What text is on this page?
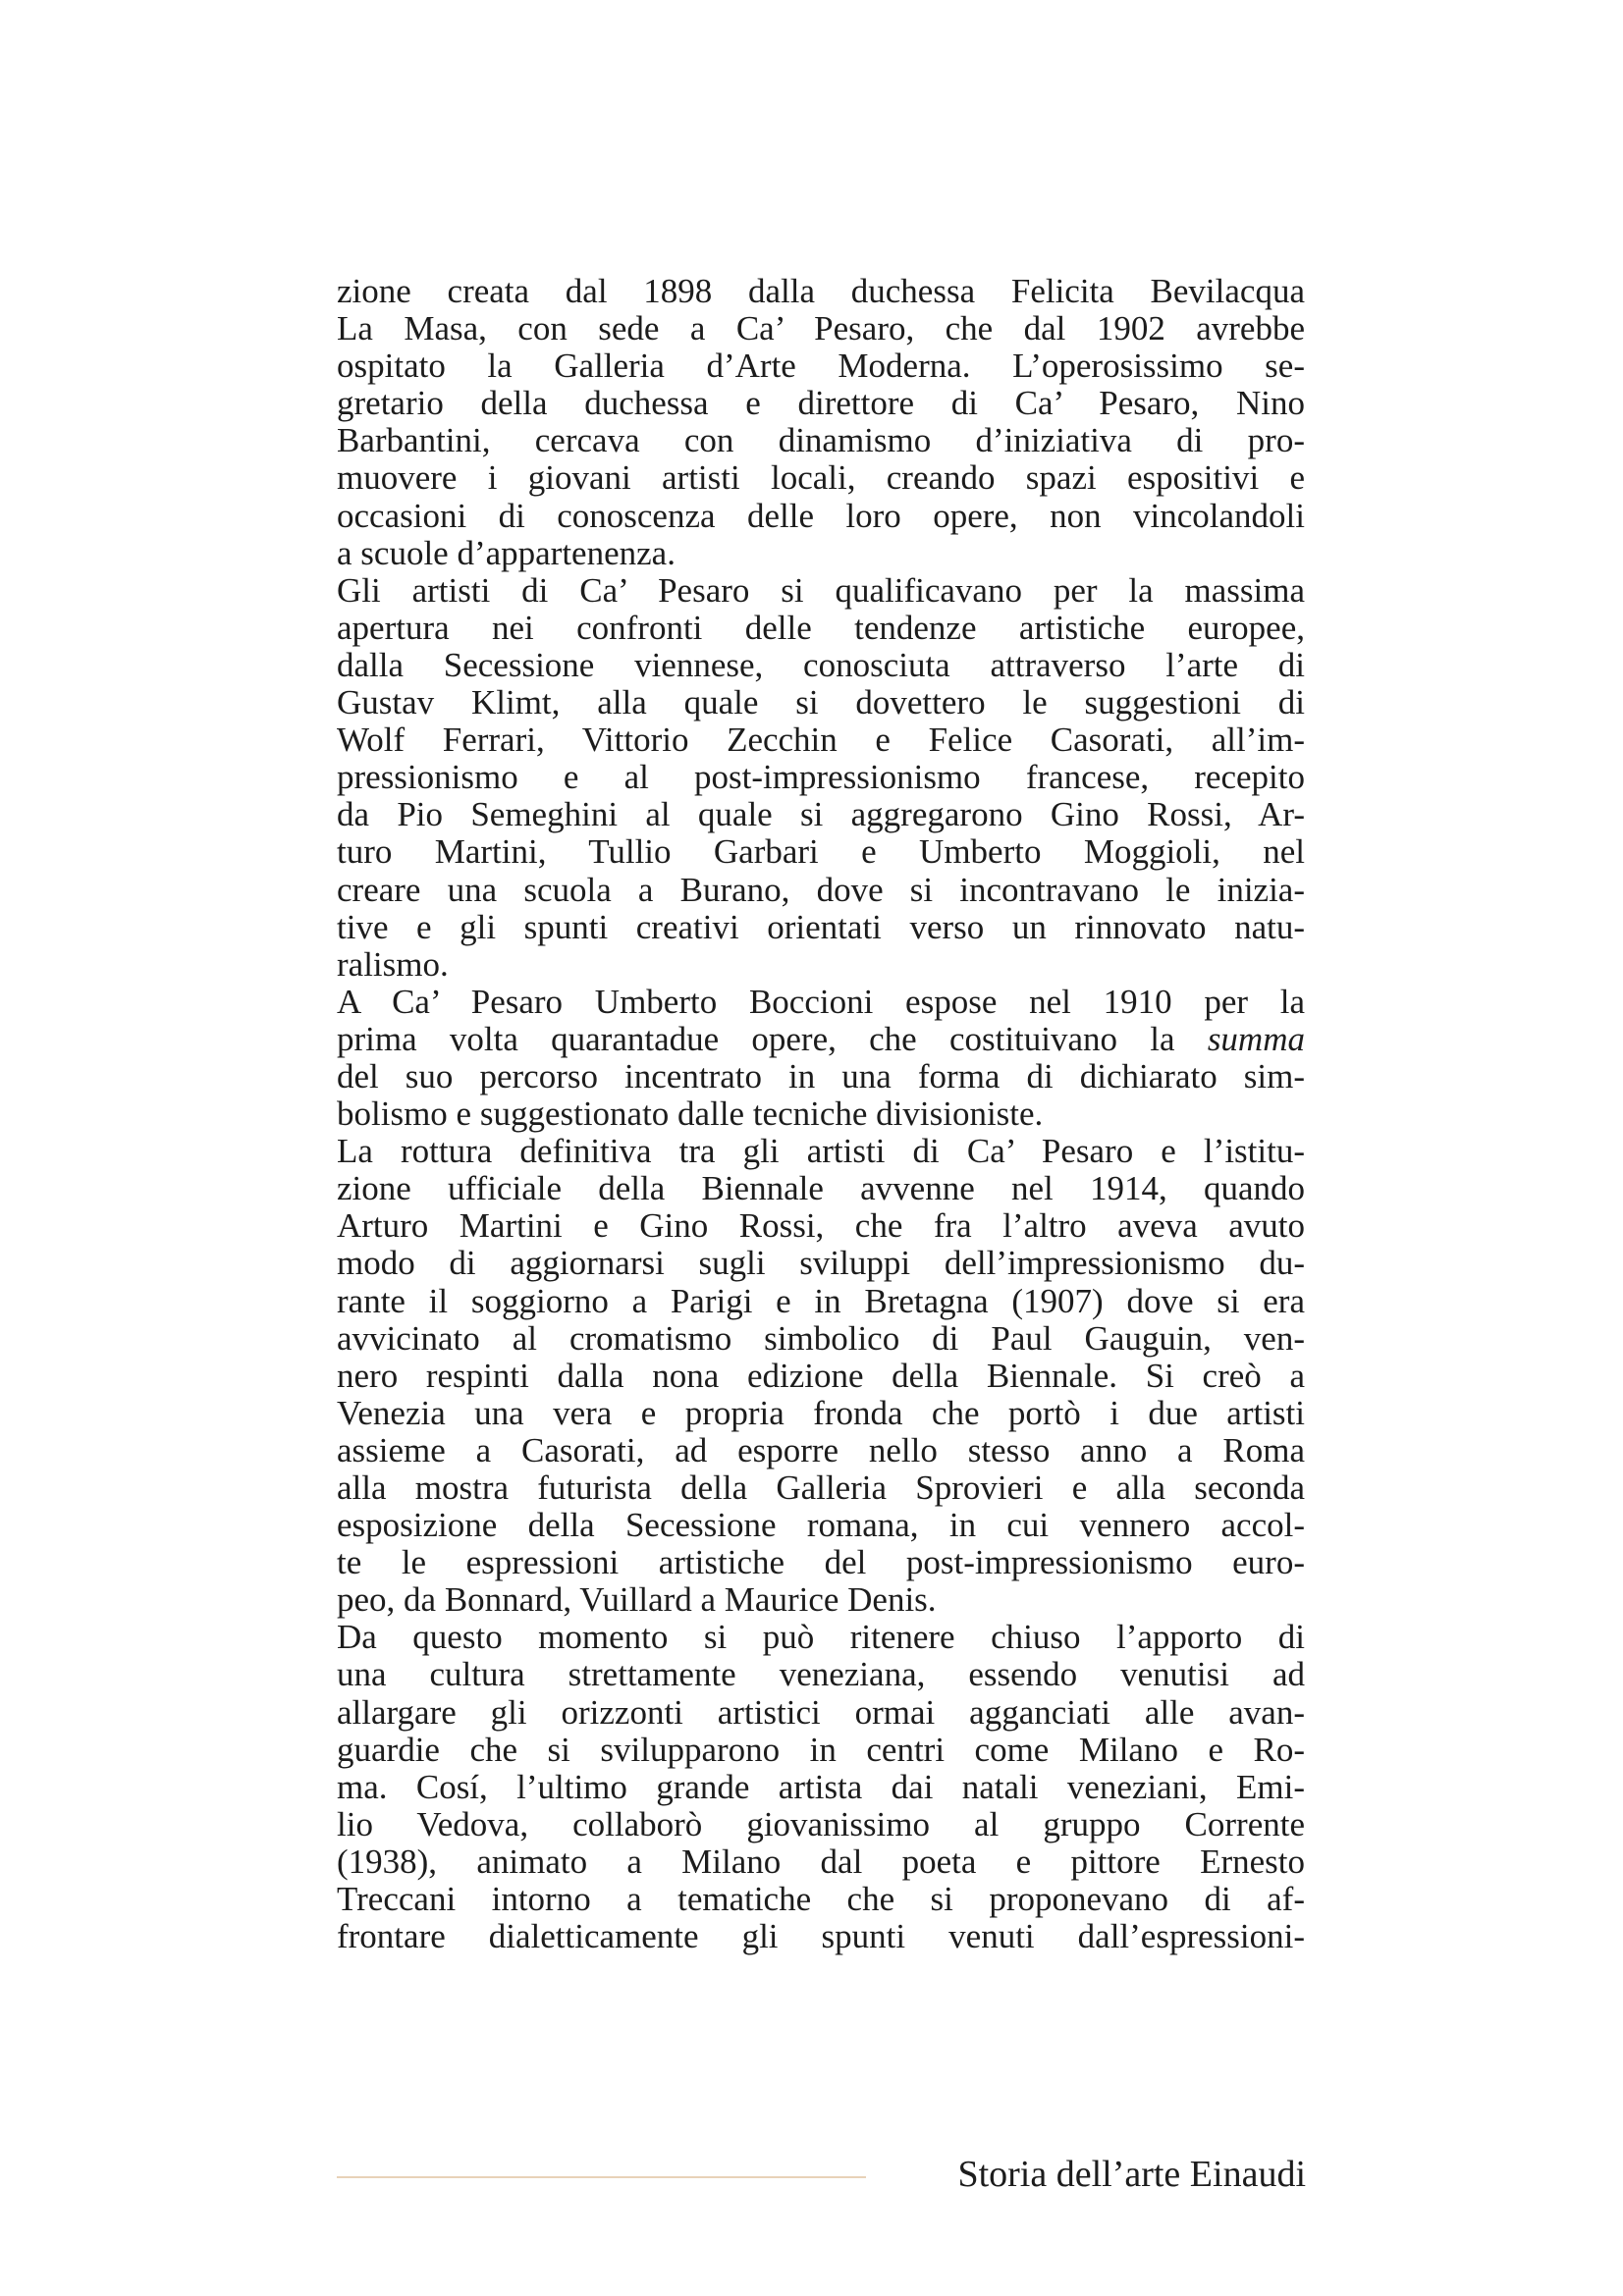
zione creata dal 1898 dalla duchessa Felicita Bevilacqua
La Masa, con sede a Ca’ Pesaro, che dal 1902 avrebbe
ospitato la Galleria d’Arte Moderna. L’operosissimo se-
gretario della duchessa e direttore di Ca’ Pesaro, Nino
Barbantini, cercava con dinamismo d’iniziativa di pro-
muovere i giovani artisti locali, creando spazi espositivi e
occasioni di conoscenza delle loro opere, non vincolandoli
a scuole d’appartenenza.
Gli artisti di Ca’ Pesaro si qualificavano per la massima
apertura nei confronti delle tendenze artistiche europee,
dalla Secessione viennese, conosciuta attraverso l’arte di
Gustav Klimt, alla quale si dovettero le suggestioni di
Wolf Ferrari, Vittorio Zecchin e Felice Casorati, all’im-
pressionismo e al post-impressionismo francese, recepito
da Pio Semeghini al quale si aggregarono Gino Rossi, Ar-
turo Martini, Tullio Garbari e Umberto Moggioli, nel
creare una scuola a Burano, dove si incontravano le inizia-
tive e gli spunti creativi orientati verso un rinnovato natu-
ralismo.
A Ca’ Pesaro Umberto Boccioni espose nel 1910 per la
prima volta quarantadue opere, che costituivano la summa
del suo percorso incentrato in una forma di dichiarato sim-
bolismo e suggestionato dalle tecniche divisioniste.
La rottura definitiva tra gli artisti di Ca’ Pesaro e l’istitu-
zione ufficiale della Biennale avvenne nel 1914, quando
Arturo Martini e Gino Rossi, che fra l’altro aveva avuto
modo di aggiornarsi sugli sviluppi dell’impressionismo du-
rante il soggiorno a Parigi e in Bretagna (1907) dove si era
avvicinato al cromatismo simbolico di Paul Gauguin, ven-
nero respinti dalla nona edizione della Biennale. Si creò a
Venezia una vera e propria fronda che portò i due artisti
assieme a Casorati, ad esporre nello stesso anno a Roma
alla mostra futurista della Galleria Sprovieri e alla seconda
esposizione della Secessione romana, in cui vennero accol-
te le espressioni artistiche del post-impressionismo euro-
peo, da Bonnard, Vuillard a Maurice Denis.
Da questo momento si può ritenere chiuso l’apporto di
una cultura strettamente veneziana, essendo venutisi ad
allargare gli orizzonti artistici ormai agganciati alle avan-
guardie che si svilupparono in centri come Milano e Ro-
ma. Cosí, l’ultimo grande artista dai natali veneziani, Emi-
lio Vedova, collaborò giovanissimo al gruppo Corrente
(1938), animato a Milano dal poeta e pittore Ernesto
Treccani intorno a tematiche che si proponevano di af-
frontare dialetticamente gli spunti venuti dall’espressioni-
Storia dell’arte Einaudi
